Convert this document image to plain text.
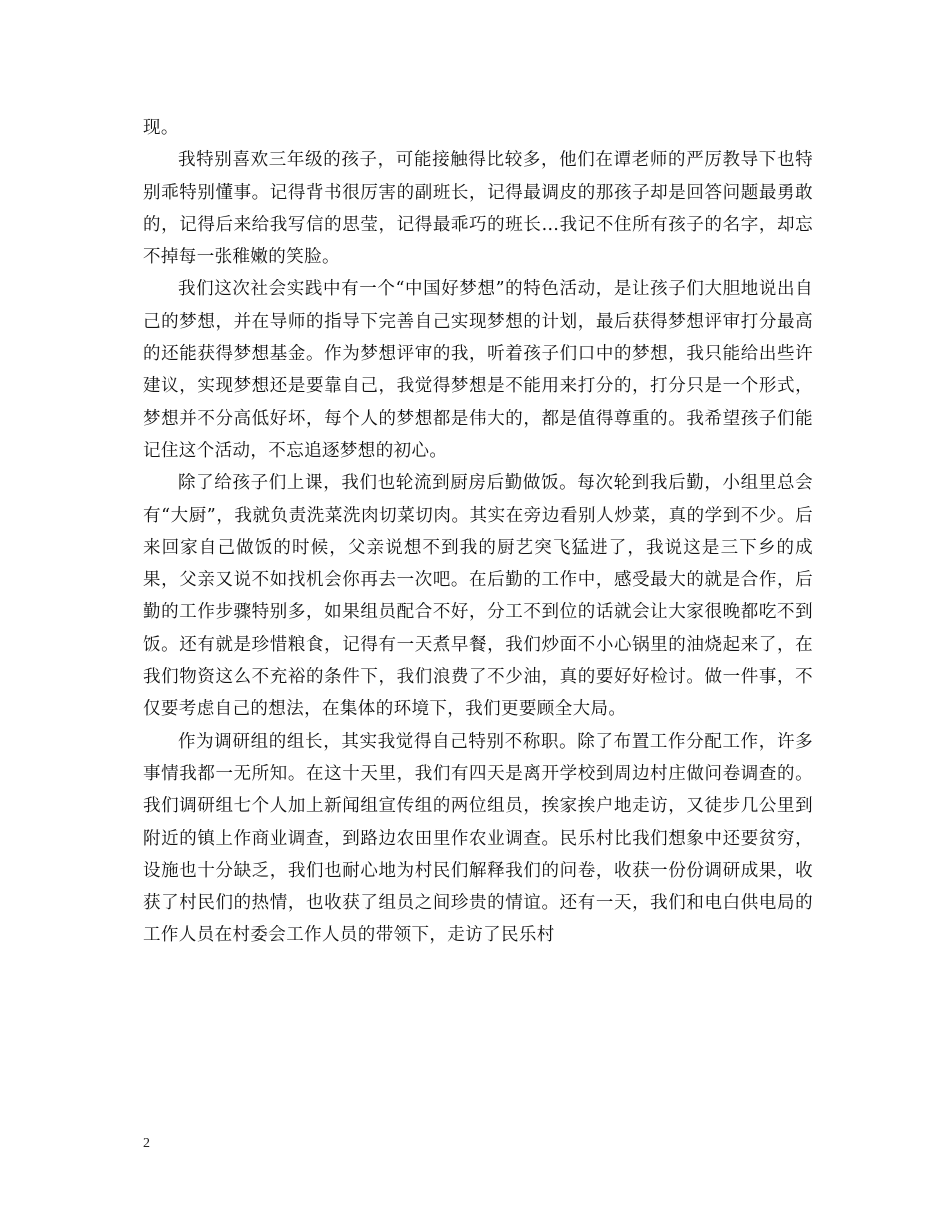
现。

我特别喜欢三年级的孩子，可能接触得比较多，他们在谭老师的严厉教导下也特别乖特别懂事。记得背书很厉害的副班长，记得最调皮的那孩子却是回答问题最勇敢的，记得后来给我写信的思莹，记得最乖巧的班长…我记不住所有孩子的名字，却忘不掉每一张稚嫩的笑脸。

我们这次社会实践中有一个“中国好梦想”的特色活动，是让孩子们大胆地说出自己的梦想，并在导师的指导下完善自己实现梦想的计划，最后获得梦想评审打分最高的还能获得梦想基金。作为梦想评审的我，听着孩子们口中的梦想，我只能给出些许建议，实现梦想还是要靠自己，我觉得梦想是不能用来打分的，打分只是一个形式，梦想并不分高低好坏，每个人的梦想都是伟大的，都是值得尊重的。我希望孩子们能记住这个活动，不忘追逐梦想的初心。

除了给孩子们上课，我们也轮流到厨房后勤做饭。每次轮到我后勤，小组里总会有“大厨”，我就负责洗菜洗肉切菜切肉。其实在旁边看别人炒菜，真的学到不少。后来回家自己做饭的时候，父亲说想不到我的厨艺突飞猛进了，我说这是三下乡的成果，父亲又说不如找机会你再去一次吧。在后勤的工作中，感受最大的就是合作，后勤的工作步骤特别多，如果组员配合不好，分工不到位的话就会让大家很晚都吃不到饭。还有就是珍惜粮食，记得有一天煮早餐，我们炒面不小心锅里的油烧起来了，在我们物资这么不充裕的条件下，我们浪费了不少油，真的要好好检讨。做一件事，不仅要考虑自己的想法，在集体的环境下，我们更要顾全大局。

作为调研组的组长，其实我觉得自己特别不称职。除了布置工作分配工作，许多事情我都一无所知。在这十天里，我们有四天是离开学校到周边村庄做问卷调查的。我们调研组七个人加上新闻组宣传组的两位组员，挨家挨户地走访，又徒步几公里到附近的镇上作商业调查，到路边农田里作农业调查。民乐村比我们想象中还要贫穷，设施也十分缺乏，我们也耐心地为村民们解释我们的问卷，收获一份份调研成果，收获了村民们的热情，也收获了组员之间珍贵的情谊。还有一天，我们和电白供电局的工作人员在村委会工作人员的带领下，走访了民乐村

2
